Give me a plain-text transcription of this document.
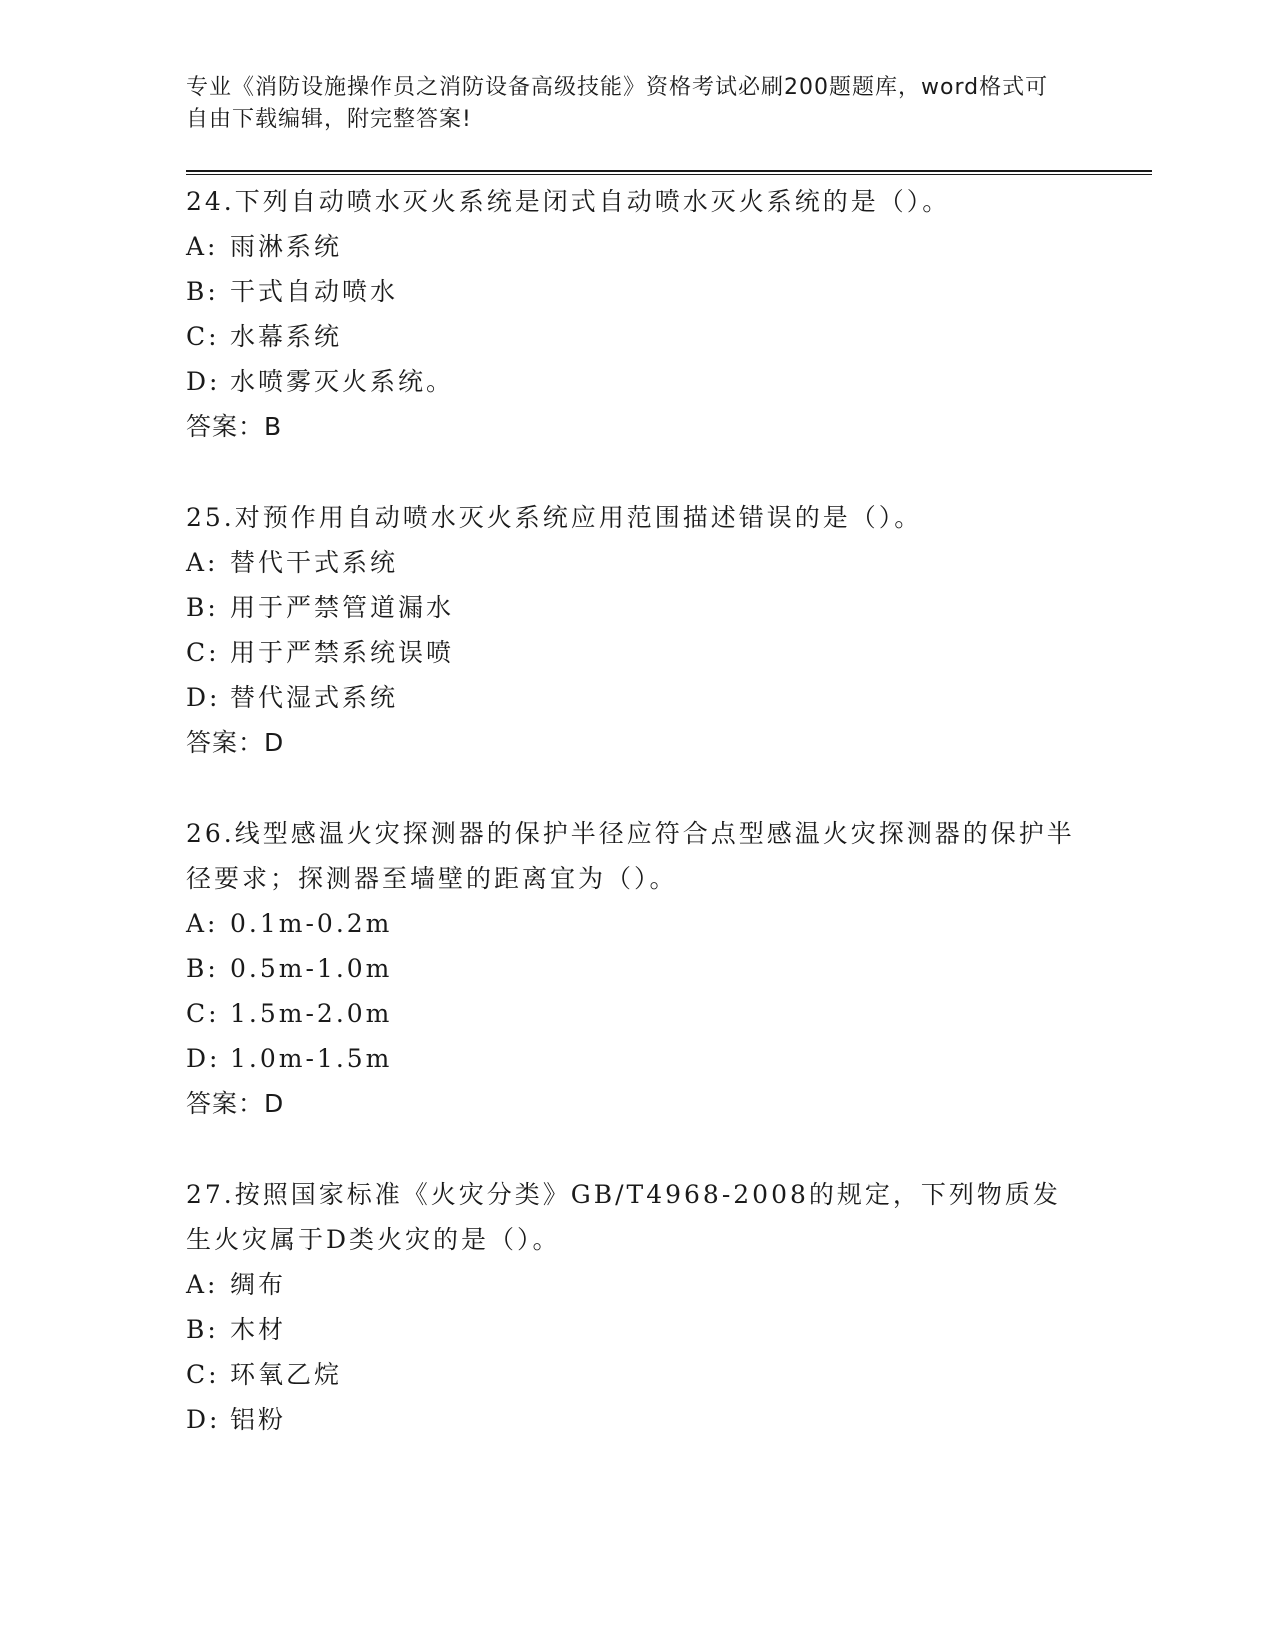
专业《消防设施操作员之消防设备高级技能》资格考试必刷200题题库，word格式可自由下载编辑，附完整答案!

24.下列自动喷水灭火系统是闭式自动喷水灭火系统的是（）。

A: 雨淋系统

B: 干式自动喷水

C: 水幕系统

D: 水喷雾灭火系统。

答案：B

25.对预作用自动喷水灭火系统应用范围描述错误的是（）。

A: 替代干式系统

B: 用于严禁管道漏水

C: 用于严禁系统误喷

D: 替代湿式系统

答案：D

26.线型感温火灾探测器的保护半径应符合点型感温火灾探测器的保护半径要求；探测器至墙壁的距离宜为（）。

A: 0.1m-0.2m

B: 0.5m-1.0m

C: 1.5m-2.0m

D: 1.0m-1.5m

答案：D

27.按照国家标准《火灾分类》GB/T4968-2008的规定，下列物质发生火灾属于D类火灾的是（）。

A: 绸布

B: 木材

C: 环氧乙烷

D: 铝粉
